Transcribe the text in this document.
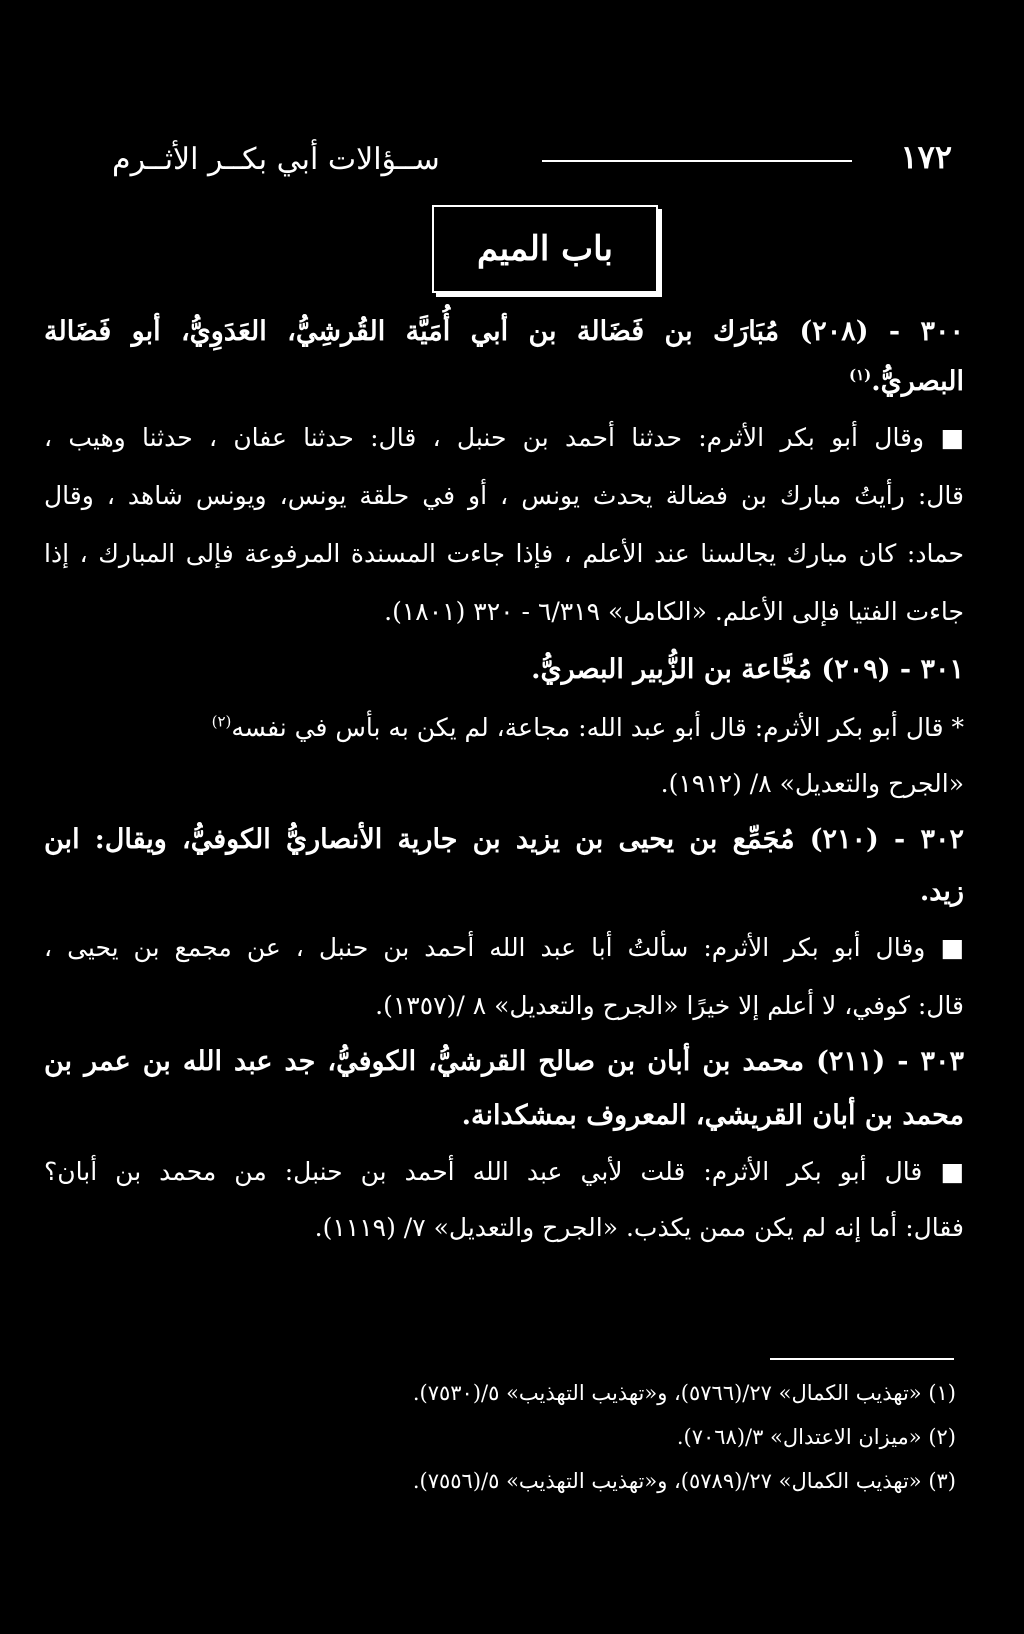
ســؤالات أبي بكــر الأثــرم	١٧٢
باب الميم
٣٠٠ - (٢٠٨) مُبَارَك بن فَضَالة بن أبي أُمَيَّة القُرشِيُّ، العَدَوِيُّ، أبو فَضَالة
البصريُّ.$^{(١)}$
■ وقال أبو بكر الأثرم: حدثنا أحمد بن حنبل ، قال: حدثنا عفان ، حدثنا وهيب ،
قال: رأيتُ مبارك بن فضالة يحدث يونس ، أو في حلقة يونس، ويونس شاهد ، وقال
حماد: كان مبارك يجالسنا عند الأعلم ، فإذا جاءت المسندة المرفوعة فإلى المبارك ، إذا
جاءت الفتيا فإلى الأعلم. «الكامل» ٦/٣١٩ - ٣٢٠ (١٨٠١).
٣٠١ - (٢٠٩) مُجَّاعة بن الزُّبير البصريُّ.
* قال أبو بكر الأثرم: قال أبو عبد الله: مجاعة، لم يكن به بأس في نفسه$^{(٢)}$
«الجرح والتعديل» ٨/ (١٩١٢).
٣٠٢ - (٢١٠) مُجَمِّع بن يحيى بن يزيد بن جارية الأنصاريُّ الكوفيُّ، ويقال: ابن
زيد.
■ وقال أبو بكر الأثرم: سألتُ أبا عبد الله أحمد بن حنبل ، عن مجمع بن يحيى ،
قال: كوفي، لا أعلم إلا خيرًا «الجرح والتعديل» ٨ /(١٣٥٧).
٣٠٣ - (٢١١) محمد بن أبان بن صالح القرشيُّ، الكوفيُّ، جد عبد الله بن عمر بن
محمد بن أبان القريشي، المعروف بمشكدانة.
■ قال أبو بكر الأثرم: قلت لأبي عبد الله أحمد بن حنبل: من محمد بن أبان؟
فقال: أما إنه لم يكن ممن يكذب. «الجرح والتعديل» ٧/ (١١١٩).
(١) «تهذيب الكمال» ٢٧/(٥٧٦٦)، و«تهذيب التهذيب» ٥/(٧٥٣٠).
(٢) «ميزان الاعتدال» ٣/(٧٠٦٨).
(٣) «تهذيب الكمال» ٢٧/(٥٧٨٩)، و«تهذيب التهذيب» ٥/(٧٥٥٦).
